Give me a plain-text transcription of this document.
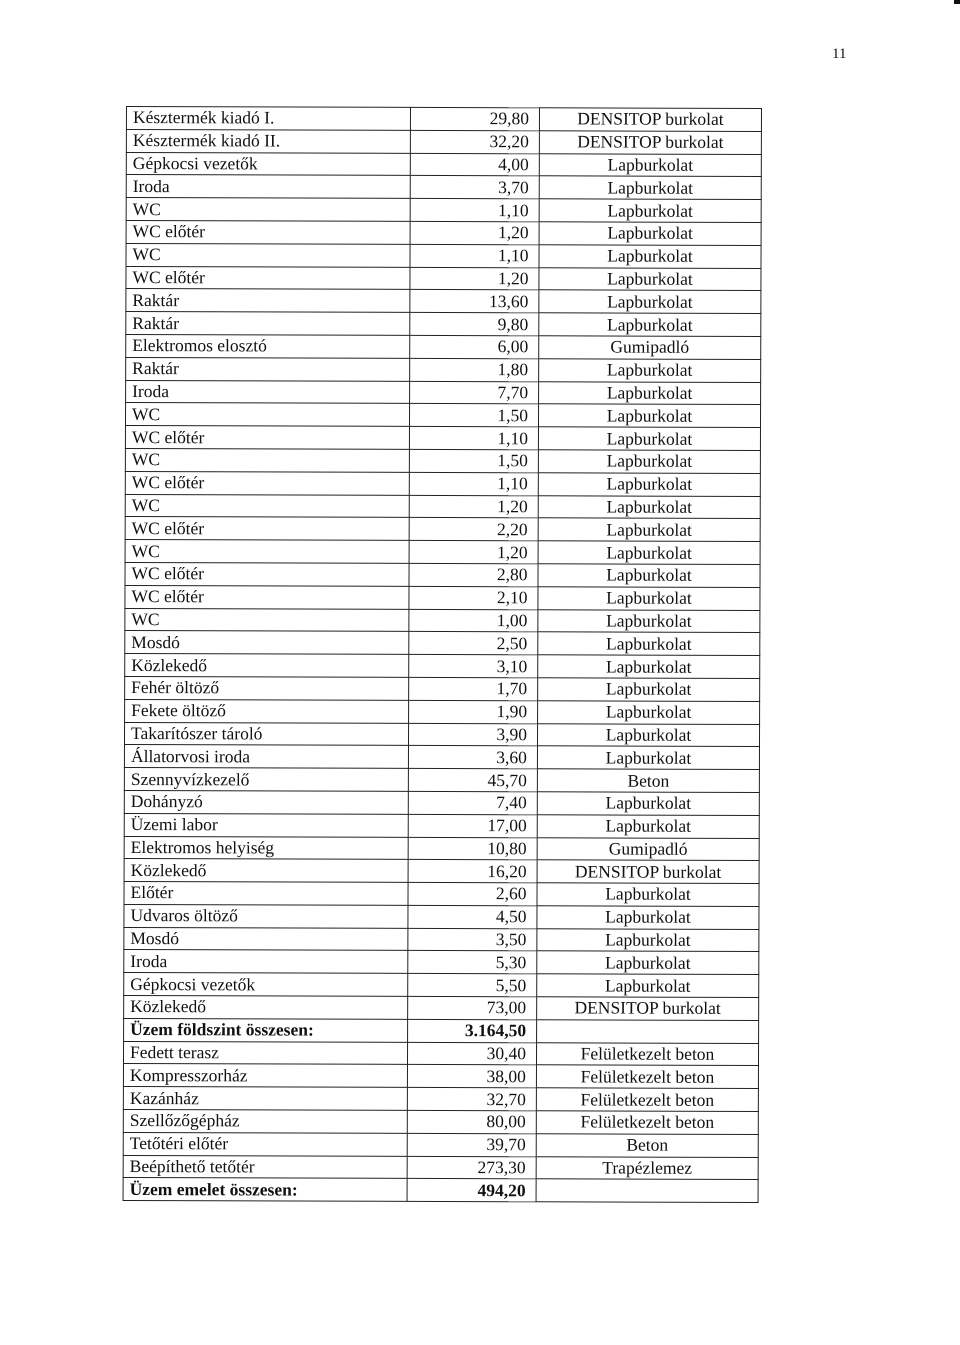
11
Késztermék kiadó I.	29,80	DENSITOP burkolat
Késztermék kiadó II.	32,20	DENSITOP burkolat
Gépkocsi vezetők	4,00	Lapburkolat
Iroda	3,70	Lapburkolat
WC	1,10	Lapburkolat
WC előtér	1,20	Lapburkolat
WC	1,10	Lapburkolat
WC előtér	1,20	Lapburkolat
Raktár	13,60	Lapburkolat
Raktár	9,80	Lapburkolat
Elektromos elosztó	6,00	Gumipadló
Raktár	1,80	Lapburkolat
Iroda	7,70	Lapburkolat
WC	1,50	Lapburkolat
WC előtér	1,10	Lapburkolat
WC	1,50	Lapburkolat
WC előtér	1,10	Lapburkolat
WC	1,20	Lapburkolat
WC előtér	2,20	Lapburkolat
WC	1,20	Lapburkolat
WC előtér	2,80	Lapburkolat
WC előtér	2,10	Lapburkolat
WC	1,00	Lapburkolat
Mosdó	2,50	Lapburkolat
Közlekedő	3,10	Lapburkolat
Fehér öltöző	1,70	Lapburkolat
Fekete öltöző	1,90	Lapburkolat
Takarítószer tároló	3,90	Lapburkolat
Állatorvosi iroda	3,60	Lapburkolat
Szennyvízkezelő	45,70	Beton
Dohányzó	7,40	Lapburkolat
Üzemi labor	17,00	Lapburkolat
Elektromos helyiség	10,80	Gumipadló
Közlekedő	16,20	DENSITOP burkolat
Előtér	2,60	Lapburkolat
Udvaros öltöző	4,50	Lapburkolat
Mosdó	3,50	Lapburkolat
Iroda	5,30	Lapburkolat
Gépkocsi vezetők	5,50	Lapburkolat
Közlekedő	73,00	DENSITOP burkolat
Üzem földszint összesen:	3.164,50	
Fedett terasz	30,40	Felületkezelt beton
Kompresszorház	38,00	Felületkezelt beton
Kazánház	32,70	Felületkezelt beton
Szellőzőgépház	80,00	Felületkezelt beton
Tetőtéri előtér	39,70	Beton
Beépíthető tetőtér	273,30	Trapézlemez
Üzem emelet összesen:	494,20	
